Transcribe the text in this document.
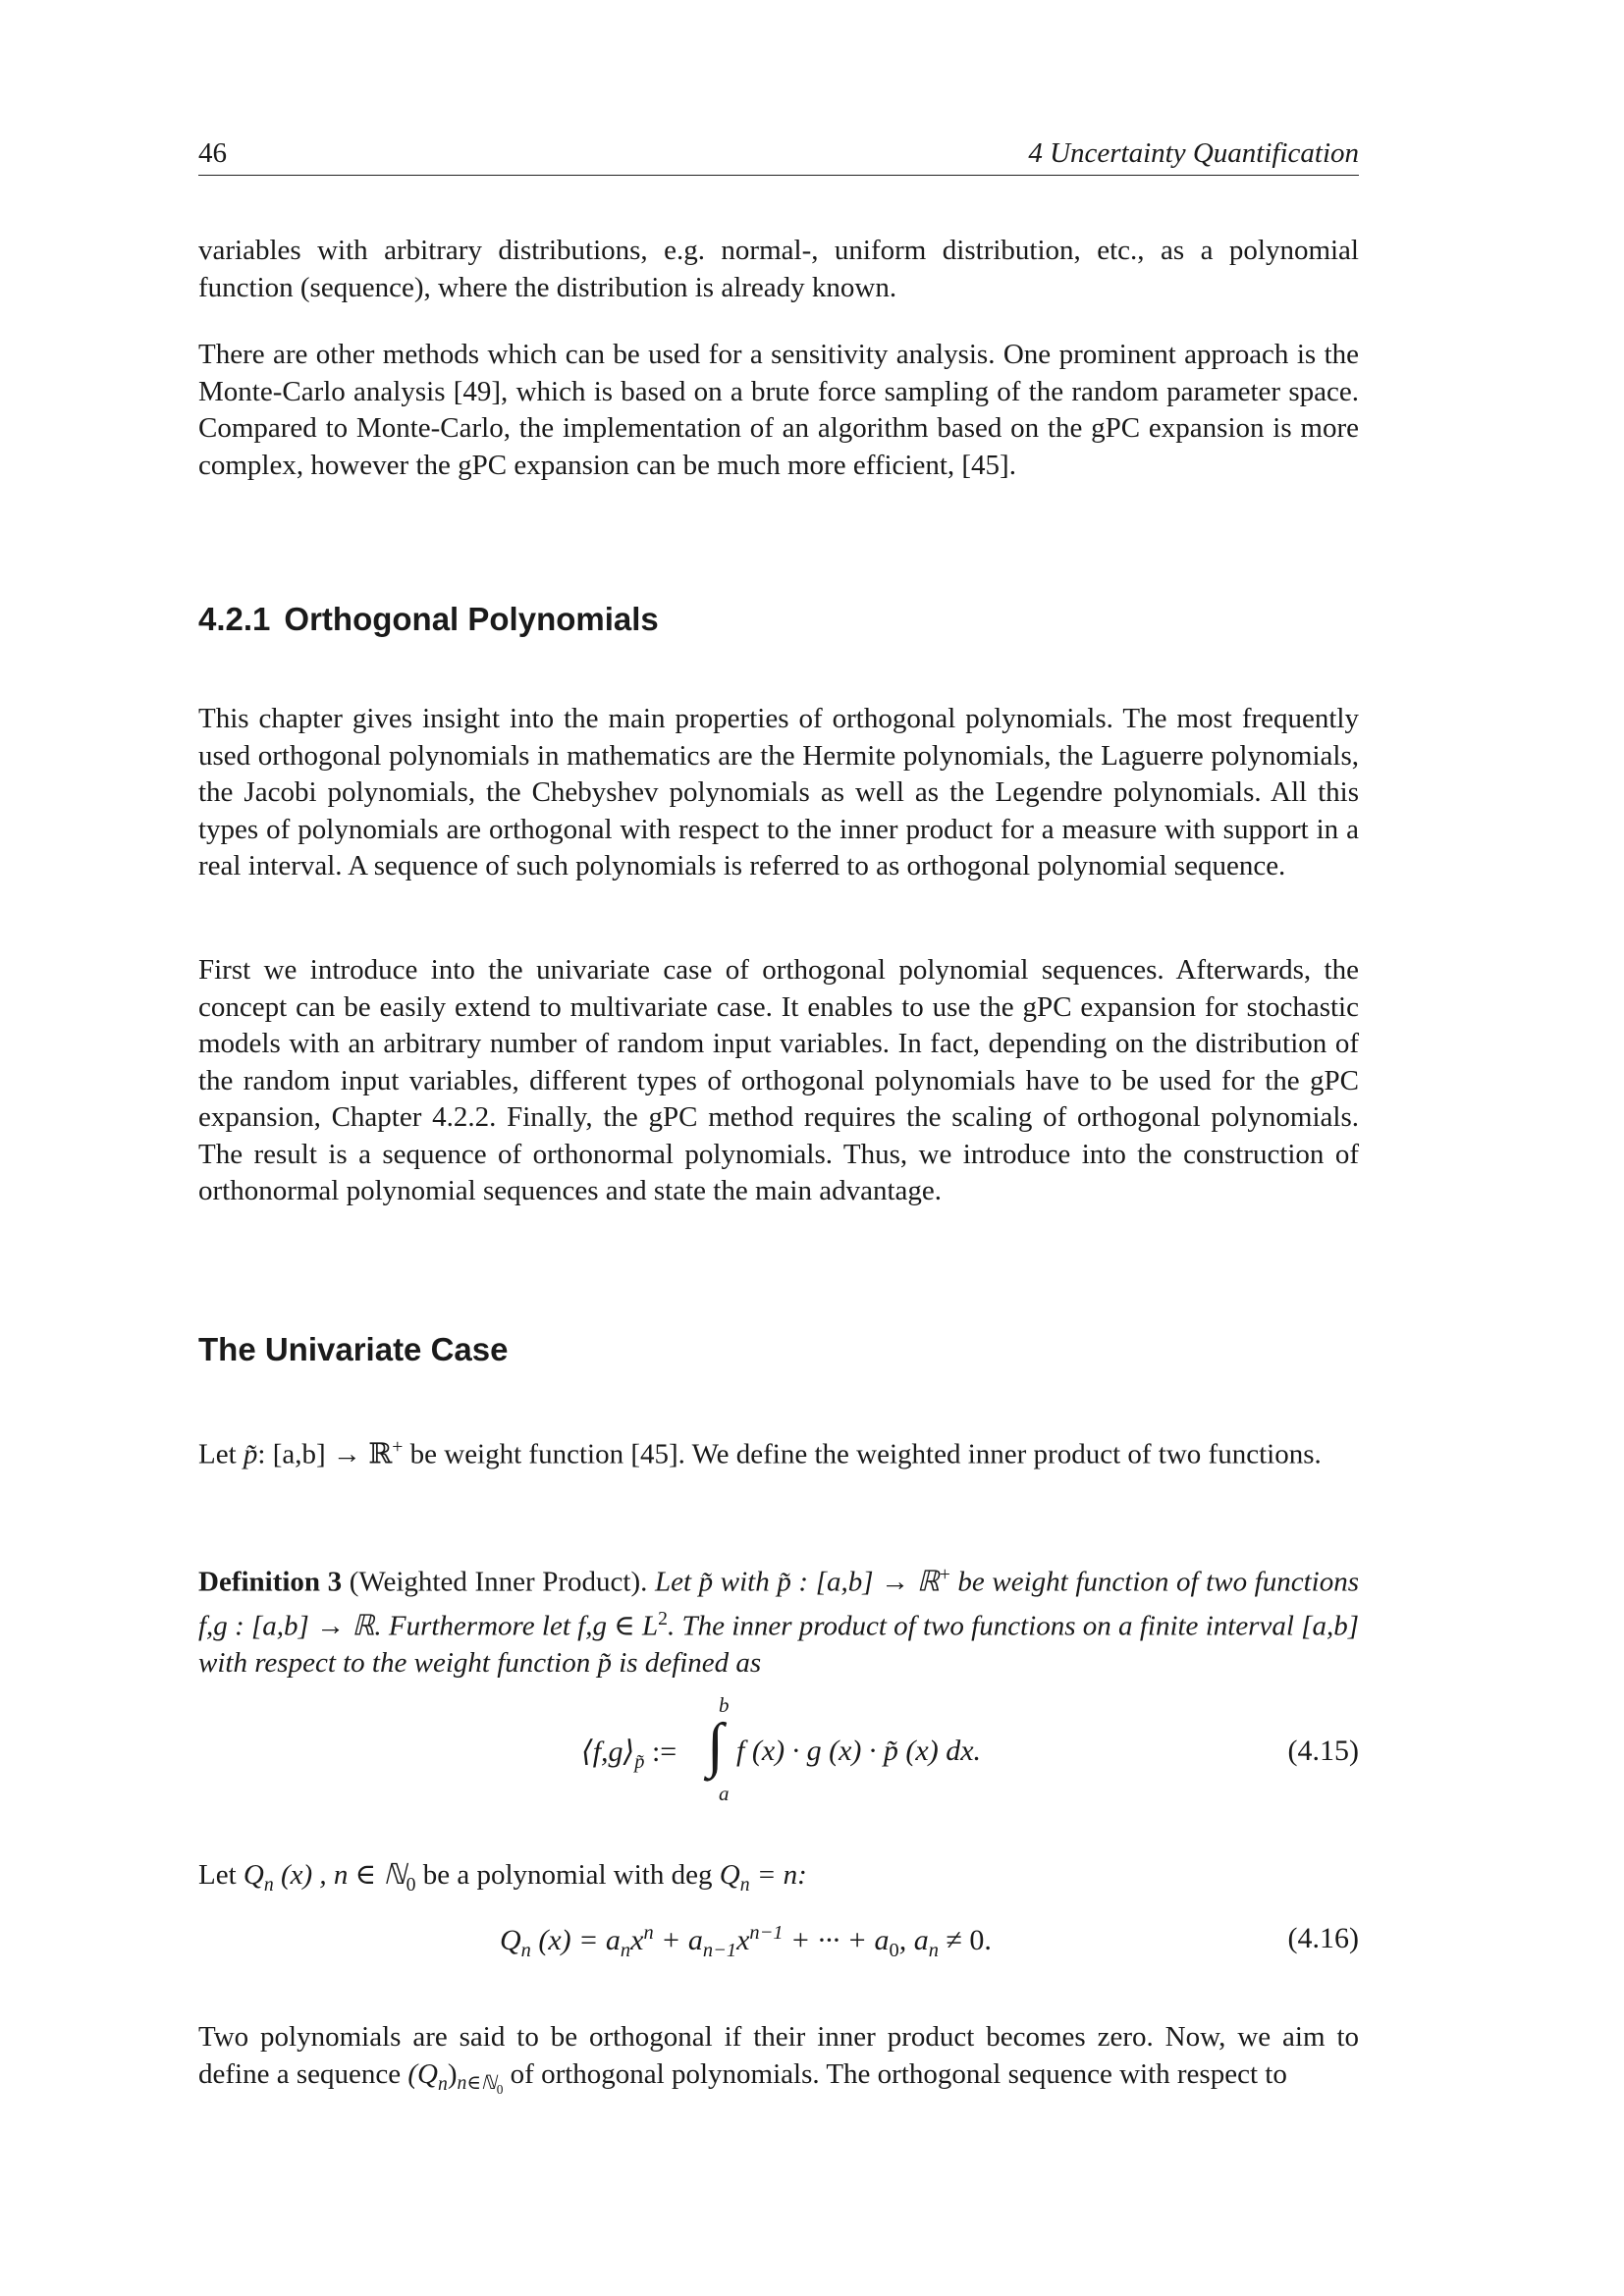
46	4 Uncertainty Quantification

variables with arbitrary distributions, e.g. normal-, uniform distribution, etc., as a polynomial function (sequence), where the distribution is already known.

There are other methods which can be used for a sensitivity analysis. One prominent approach is the Monte-Carlo analysis [49], which is based on a brute force sampling of the random parameter space. Compared to Monte-Carlo, the implementation of an algorithm based on the gPC expansion is more complex, however the gPC expansion can be much more efficient, [45].

4.2.1 Orthogonal Polynomials

This chapter gives insight into the main properties of orthogonal polynomials. The most frequently used orthogonal polynomials in mathematics are the Hermite polynomials, the Laguerre polynomials, the Jacobi polynomials, the Chebyshev polynomials as well as the Legendre polynomials. All this types of polynomials are orthogonal with respect to the inner product for a measure with support in a real interval. A sequence of such polynomials is referred to as orthogonal polynomial sequence.

First we introduce into the univariate case of orthogonal polynomial sequences. Afterwards, the concept can be easily extend to multivariate case. It enables to use the gPC expansion for stochastic models with an arbitrary number of random input variables. In fact, depending on the distribution of the random input variables, different types of orthogonal polynomials have to be used for the gPC expansion, Chapter 4.2.2. Finally, the gPC method requires the scaling of orthogonal polynomials. The result is a sequence of orthonormal polynomials. Thus, we introduce into the construction of orthonormal polynomial sequences and state the main advantage.

The Univariate Case

Let p̃: [a,b] → ℝ+ be weight function [45]. We define the weighted inner product of two functions.

Definition 3 (Weighted Inner Product). Let p̃ with p̃ : [a,b] → ℝ+ be weight function of two functions f,g : [a,b] → ℝ. Furthermore let f,g ∈ $L^2$. The inner product of two functions on a finite interval [a,b] with respect to the weight function p̃ is defined as

$⟨f,g⟩_{p̃}$ :=
b
∫
a
f (x) · g (x) · p̃ (x) dx.	(4.15)

Let $Q_n$ (x) , n ∈ ℕ$_0$ be a polynomial with deg $Q_n = n$:

$Q_n$ $(x) = a_nx^n + a_{n-1}x^{n-1}$ + ··· + $a_0$, $a_n \ne 0$.	(4.16)

Two polynomials are said to be orthogonal if their inner product becomes zero. Now, we aim to define a sequence $(Q_n)_{n\in ℕ_0}$ of orthogonal polynomials. The orthogonal sequence with respect to
